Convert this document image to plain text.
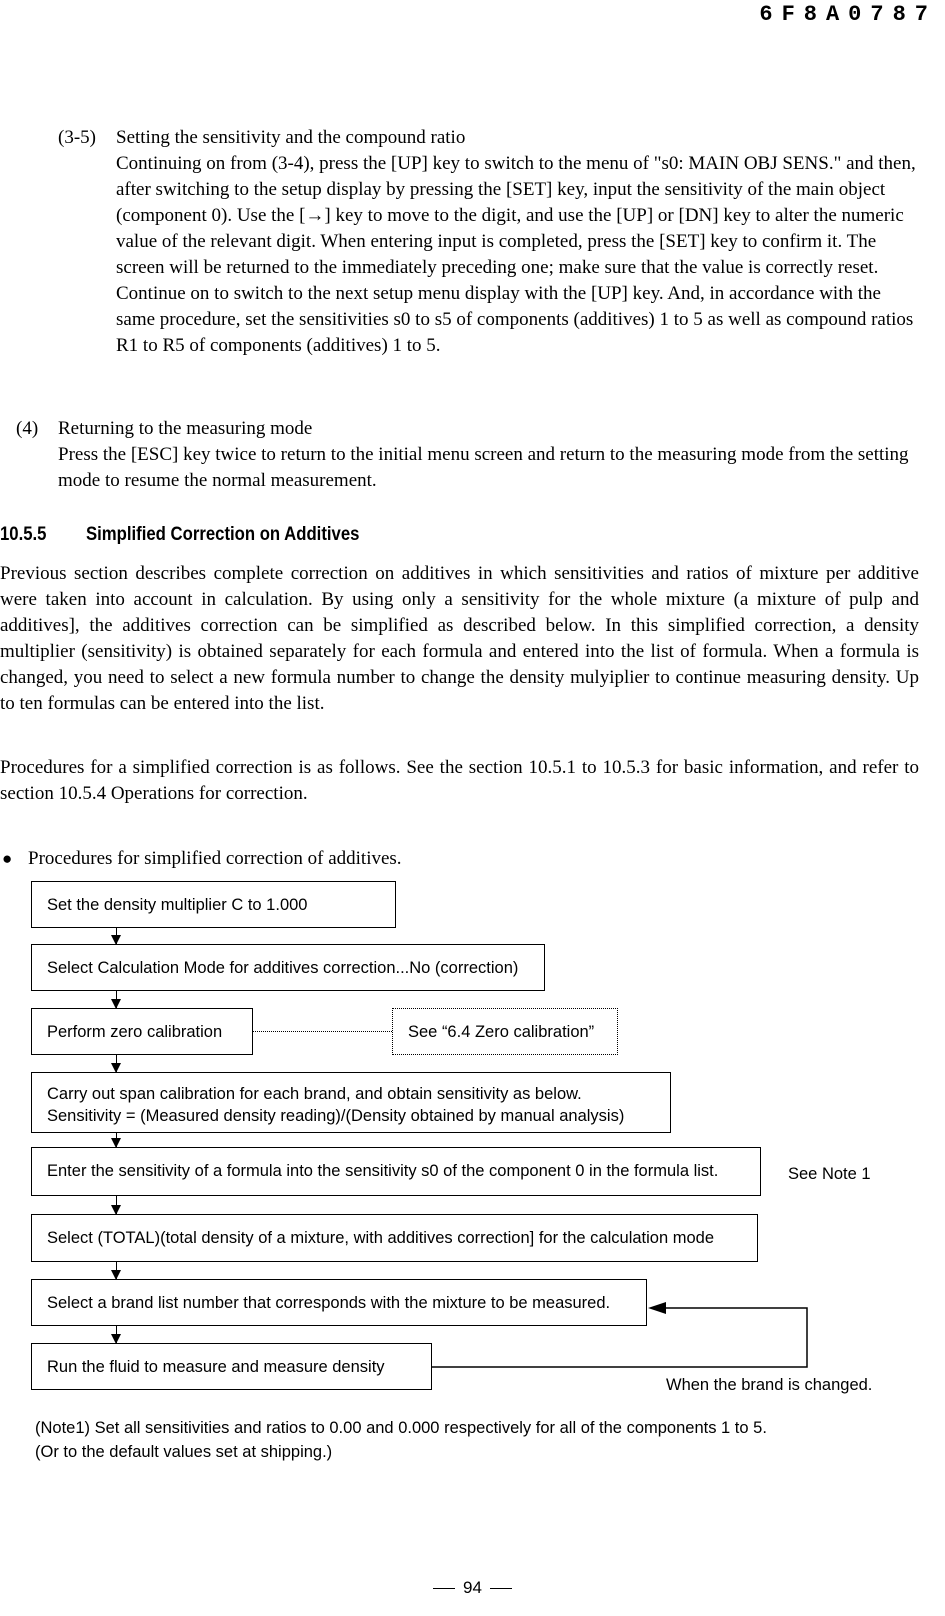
6F8A0787
(3-5) Setting the sensitivity and the compound ratio
Continuing on from (3-4), press the [UP] key to switch to the menu of "s0: MAIN OBJ SENS." and then, after switching to the setup display by pressing the [SET] key, input the sensitivity of the main object (component 0). Use the [→] key to move to the digit, and use the [UP] or [DN] key to alter the numeric value of the relevant digit. When entering input is completed, press the [SET] key to confirm it. The screen will be returned to the immediately preceding one; make sure that the value is correctly reset. Continue on to switch to the next setup menu display with the [UP] key. And, in accordance with the same procedure, set the sensitivities s0 to s5 of components (additives) 1 to 5 as well as compound ratios R1 to R5 of components (additives) 1 to 5.
(4) Returning to the measuring mode
Press the [ESC] key twice to return to the initial menu screen and return to the measuring mode from the setting mode to resume the normal measurement.
10.5.5 Simplified Correction on Additives
Previous section describes complete correction on additives in which sensitivities and ratios of mixture per additive were taken into account in calculation. By using only a sensitivity for the whole mixture (a mixture of pulp and additives], the additives correction can be simplified as described below. In this simplified correction, a density multiplier (sensitivity) is obtained separately for each formula and entered into the list of formula. When a formula is changed, you need to select a new formula number to change the density mulyiplier to continue measuring density. Up to ten formulas can be entered into the list.
Procedures for a simplified correction is as follows. See the section 10.5.1 to 10.5.3 for basic information, and refer to section 10.5.4 Operations for correction.
● Procedures for simplified correction of additives.
Set the density multiplier C to 1.000
Select Calculation Mode for additives correction...No (correction)
Perform zero calibration	See “6.4 Zero calibration”
Carry out span calibration for each brand, and obtain sensitivity as below.
Sensitivity = (Measured density reading)/(Density obtained by manual analysis)
Enter the sensitivity of a formula into the sensitivity s0 of the component 0 in the formula list.	See Note 1
Select (TOTAL)(total density of a mixture, with additives correction] for the calculation mode
Select a brand list number that corresponds with the mixture to be measured.
Run the fluid to measure and measure density
When the brand is changed.
(Note1) Set all sensitivities and ratios to 0.00 and 0.000 respectively for all of the components 1 to 5.
(Or to the default values set at shipping.)
94
